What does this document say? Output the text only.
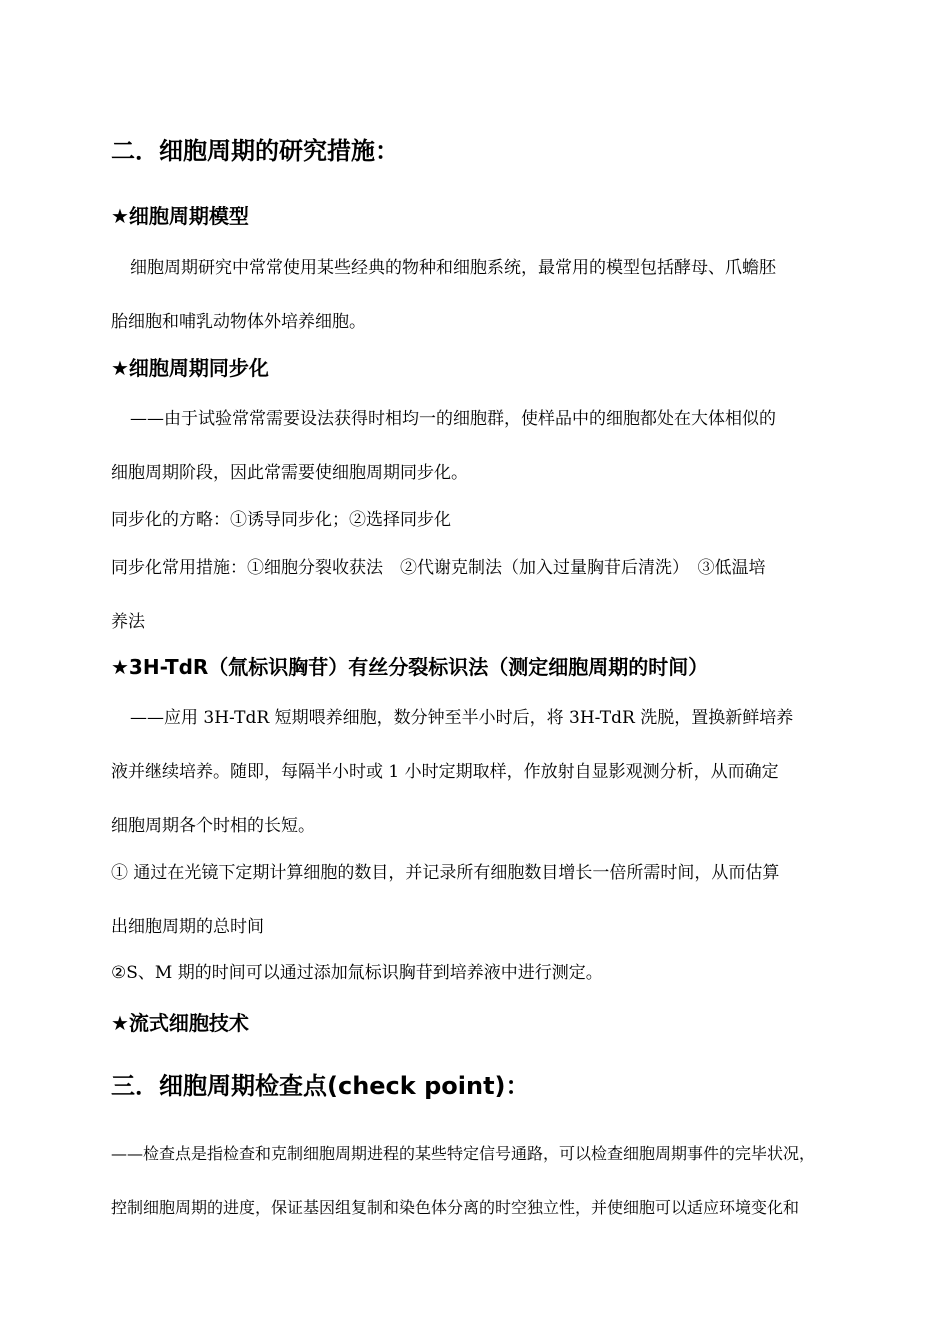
二．细胞周期的研究措施：
★细胞周期模型
细胞周期研究中常常使用某些经典的物种和细胞系统，最常用的模型包括酵母、爪蟾胚
胎细胞和哺乳动物体外培养细胞。
★细胞周期同步化
——由于试验常常需要设法获得时相均一的细胞群，使样品中的细胞都处在大体相似的
细胞周期阶段，因此常需要使细胞周期同步化。
同步化的方略：①诱导同步化；②选择同步化
同步化常用措施：①细胞分裂收获法　②代谢克制法（加入过量胸苷后清洗）　③低温培
养法
★3H-TdR（氚标识胸苷）有丝分裂标识法（测定细胞周期的时间）
——应用 3H-TdR 短期喂养细胞，数分钟至半小时后，将 3H-TdR 洗脱，置换新鲜培养
液并继续培养。随即，每隔半小时或 1 小时定期取样，作放射自显影观测分析，从而确定
细胞周期各个时相的长短。
① 通过在光镜下定期计算细胞的数目，并记录所有细胞数目增长一倍所需时间，从而估算
出细胞周期的总时间
②S、M 期的时间可以通过添加氚标识胸苷到培养液中进行测定。
★流式细胞技术
三．细胞周期检查点(check point)：
——检查点是指检查和克制细胞周期进程的某些特定信号通路，可以检查细胞周期事件的完毕状况，
控制细胞周期的进度，保证基因组复制和染色体分离的时空独立性，并使细胞可以适应环境变化和
